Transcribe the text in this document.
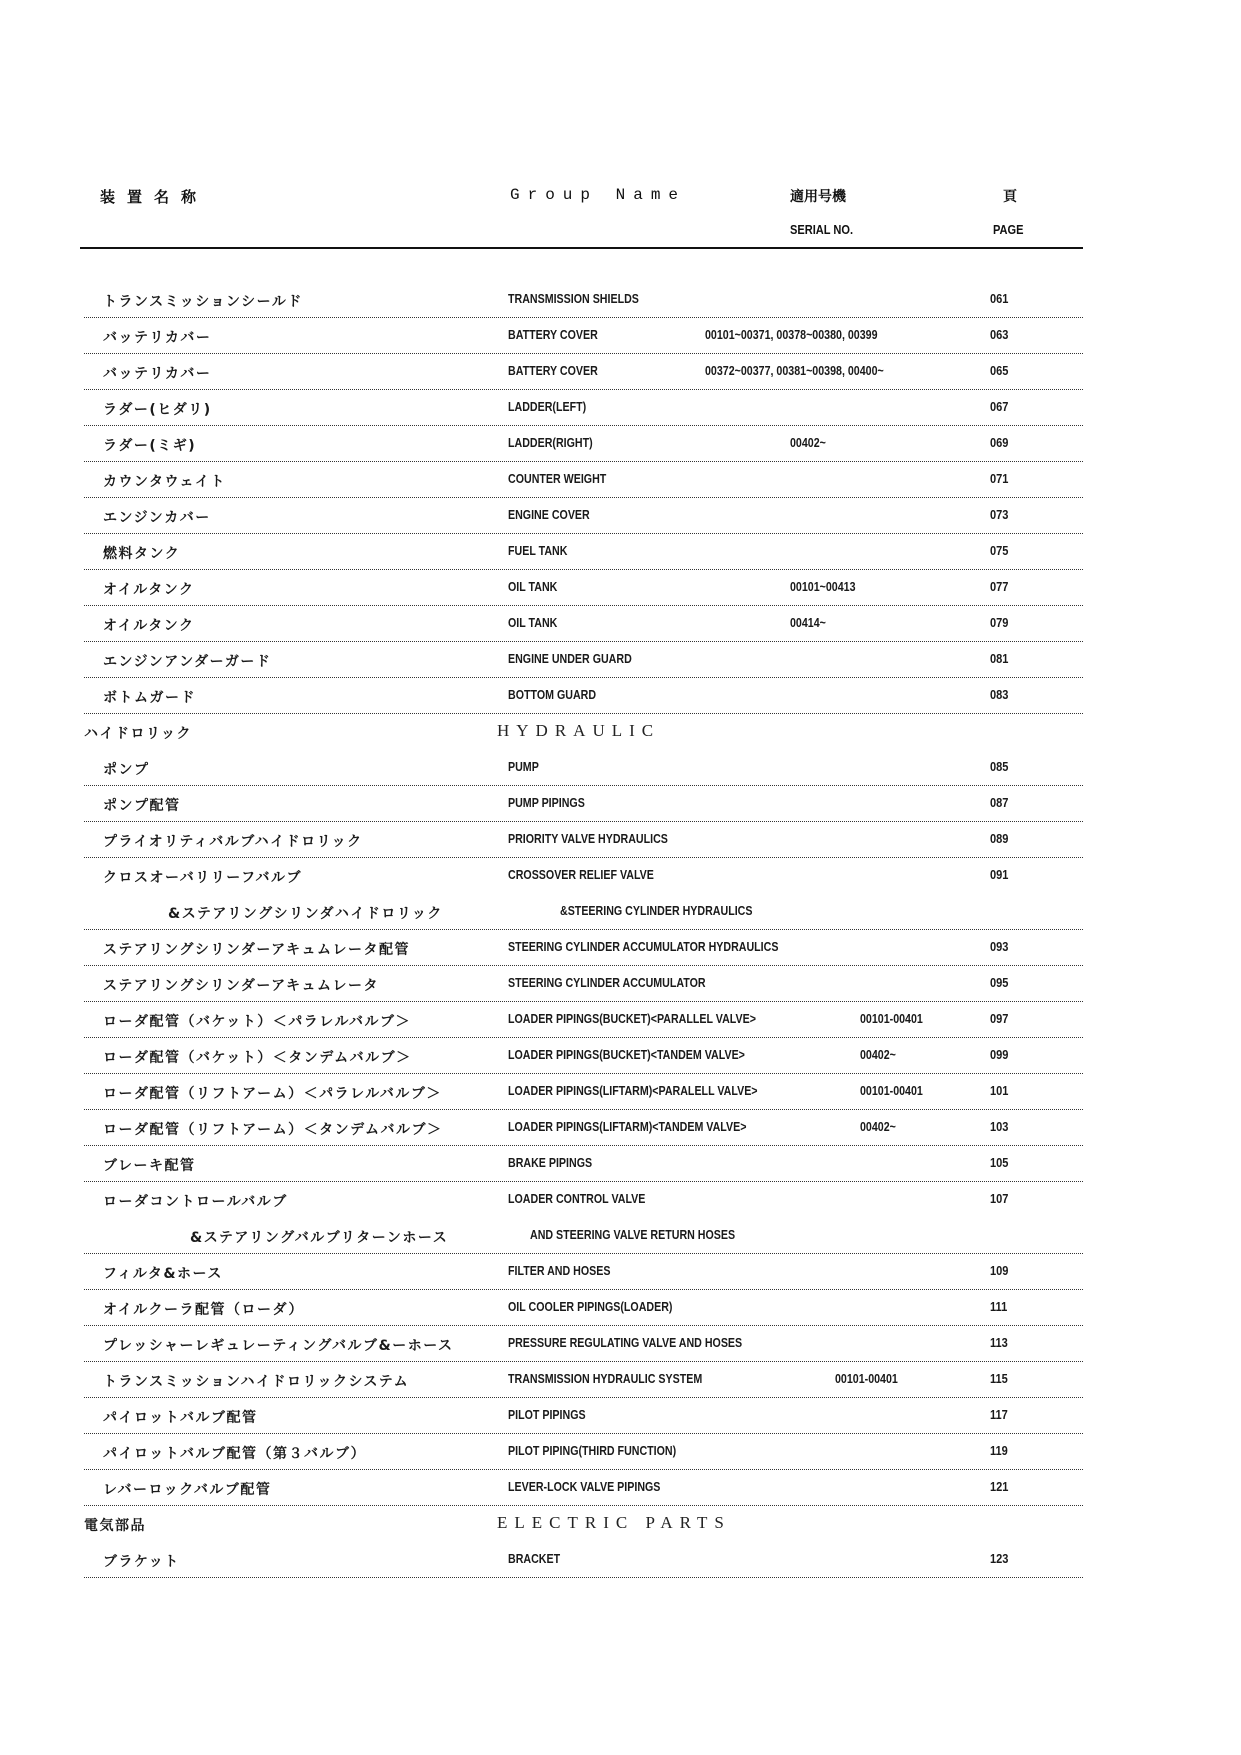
装置名称	Group Name	適用号機	頁
SERIAL NO.	PAGE
トランスミッションシールド	TRANSMISSION SHIELDS	061
バッテリカバー	BATTERY COVER	00101~00371, 00378~00380, 00399	063
バッテリカバー	BATTERY COVER	00372~00377, 00381~00398, 00400~	065
ラダー(ヒダリ)	LADDER(LEFT)	067
ラダー(ミギ)	LADDER(RIGHT)	00402~	069
カウンタウェイト	COUNTER WEIGHT	071
エンジンカバー	ENGINE COVER	073
燃料タンク	FUEL TANK	075
オイルタンク	OIL TANK	00101~00413	077
オイルタンク	OIL TANK	00414~	079
エンジンアンダーガード	ENGINE UNDER GUARD	081
ボトムガード	BOTTOM GUARD	083
ハイドロリック	HYDRAULIC
ポンプ	PUMP	085
ポンプ配管	PUMP PIPINGS	087
プライオリティバルブハイドロリック	PRIORITY VALVE HYDRAULICS	089
クロスオーバリリーフバルブ	CROSSOVER RELIEF VALVE	091
&ステアリングシリンダハイドロリック	&STEERING CYLINDER HYDRAULICS
ステアリングシリンダーアキュムレータ配管	STEERING CYLINDER ACCUMULATOR HYDRAULICS	093
ステアリングシリンダーアキュムレータ	STEERING CYLINDER ACCUMULATOR	095
ローダ配管（バケット）＜パラレルバルブ＞	LOADER PIPINGS(BUCKET)<PARALLEL VALVE>	00101-00401	097
ローダ配管（バケット）＜タンデムバルブ＞	LOADER PIPINGS(BUCKET)<TANDEM VALVE>	00402~	099
ローダ配管（リフトアーム）＜パラレルバルブ＞	LOADER PIPINGS(LIFTARM)<PARALELL VALVE>	00101-00401	101
ローダ配管（リフトアーム）＜タンデムバルブ＞	LOADER PIPINGS(LIFTARM)<TANDEM VALVE>	00402~	103
ブレーキ配管	BRAKE PIPINGS	105
ローダコントロールバルブ	LOADER CONTROL VALVE	107
&ステアリングバルブリターンホース	AND STEERING VALVE RETURN HOSES
フィルタ&ホース	FILTER AND HOSES	109
オイルクーラ配管（ローダ）	OIL COOLER PIPINGS(LOADER)	111
プレッシャーレギュレーティングバルブ&ーホース	PRESSURE REGULATING VALVE AND HOSES	113
トランスミッションハイドロリックシステム	TRANSMISSION HYDRAULIC SYSTEM	00101-00401	115
パイロットバルブ配管	PILOT PIPINGS	117
パイロットバルブ配管（第３バルブ）	PILOT PIPING(THIRD FUNCTION)	119
レバーロックバルブ配管	LEVER-LOCK VALVE PIPINGS	121
電気部品	ELECTRIC PARTS
ブラケット	BRACKET	123
